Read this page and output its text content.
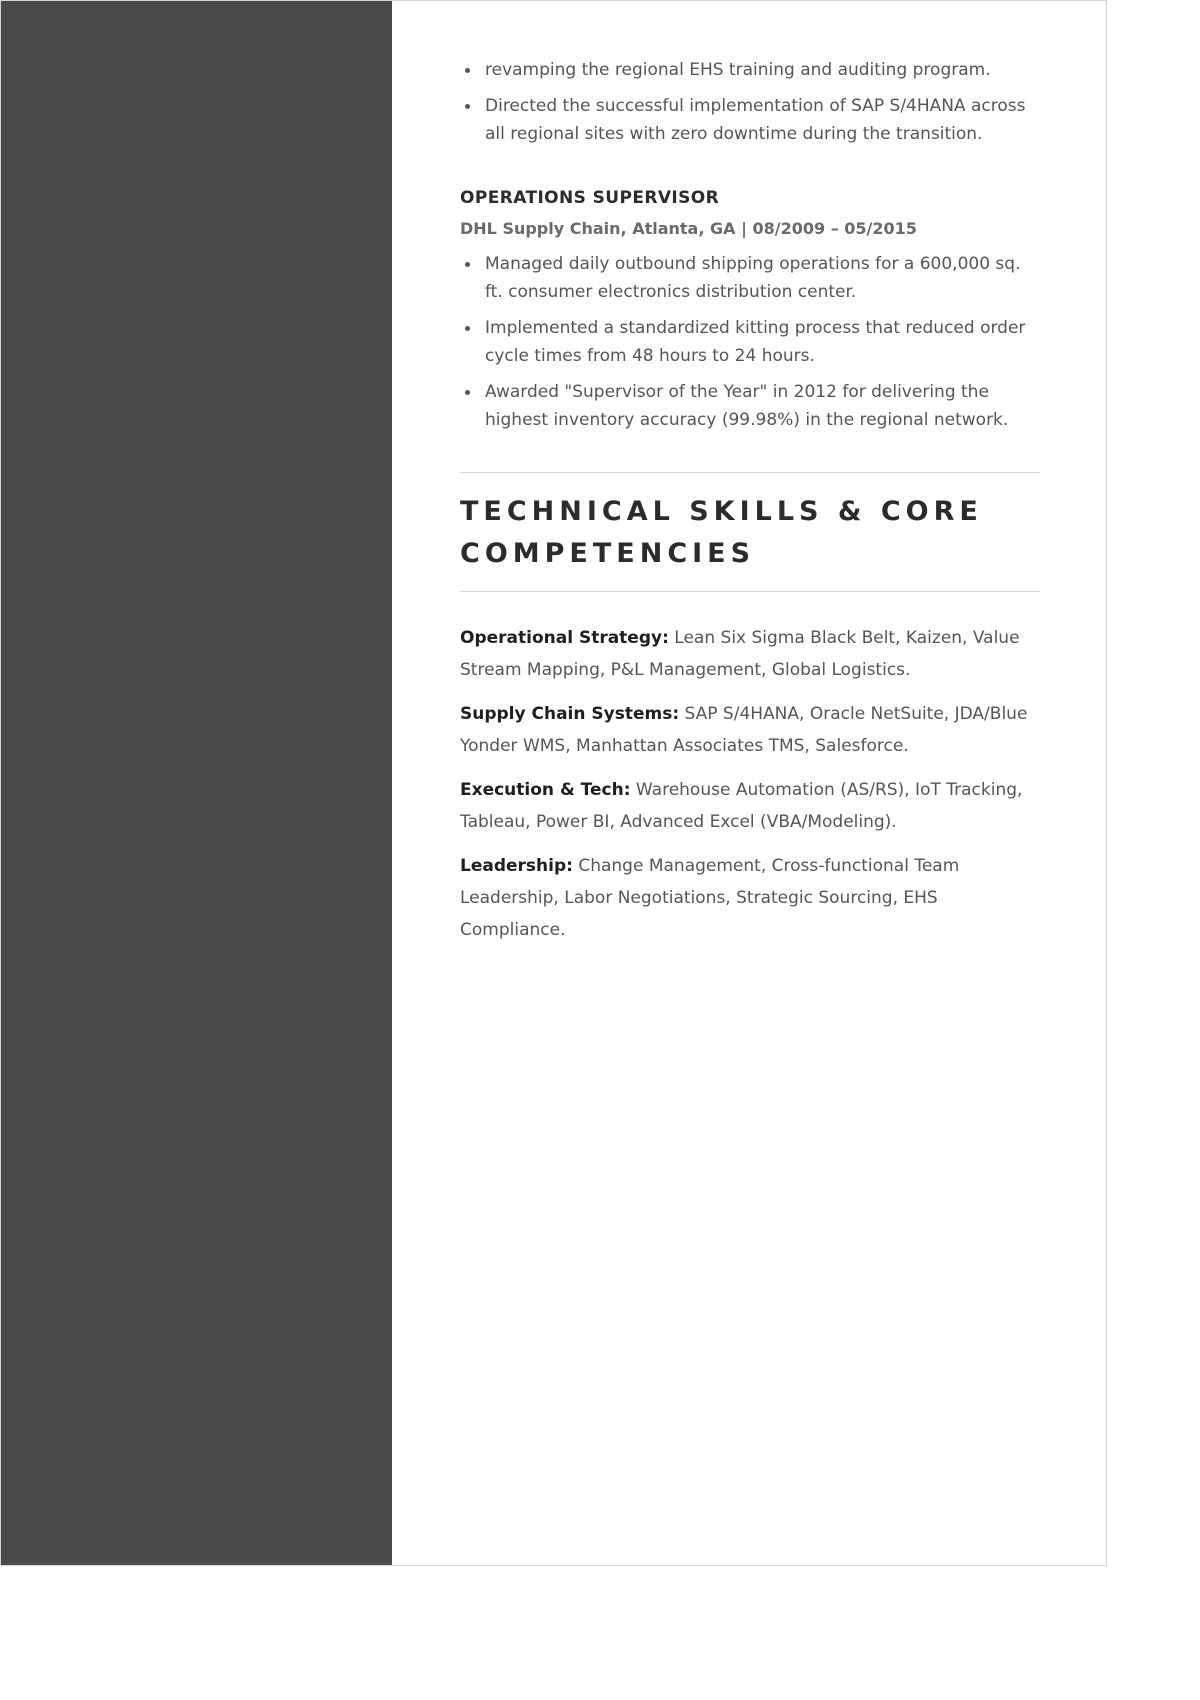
revamping the regional EHS training and auditing program.
Directed the successful implementation of SAP S/4HANA across all regional sites with zero downtime during the transition.
OPERATIONS SUPERVISOR
DHL Supply Chain, Atlanta, GA | 08/2009 – 05/2015
Managed daily outbound shipping operations for a 600,000 sq. ft. consumer electronics distribution center.
Implemented a standardized kitting process that reduced order cycle times from 48 hours to 24 hours.
Awarded "Supervisor of the Year" in 2012 for delivering the highest inventory accuracy (99.98%) in the regional network.
TECHNICAL SKILLS & CORE COMPETENCIES
Operational Strategy: Lean Six Sigma Black Belt, Kaizen, Value Stream Mapping, P&L Management, Global Logistics.
Supply Chain Systems: SAP S/4HANA, Oracle NetSuite, JDA/Blue Yonder WMS, Manhattan Associates TMS, Salesforce.
Execution & Tech: Warehouse Automation (AS/RS), IoT Tracking, Tableau, Power BI, Advanced Excel (VBA/Modeling).
Leadership: Change Management, Cross-functional Team Leadership, Labor Negotiations, Strategic Sourcing, EHS Compliance.
